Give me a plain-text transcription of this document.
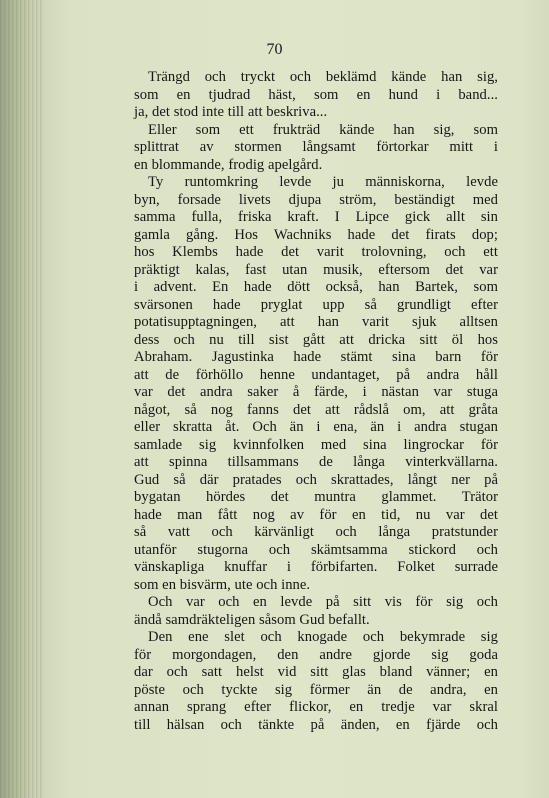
70
Trängd och tryckt och beklämd kände han sig,
som en tjudrad häst, som en hund i band...
ja, det stod inte till att beskriva...
Eller som ett frukträd kände han sig, som
splittrat av stormen långsamt förtorkar mitt i
en blommande, frodig apelgård.
Ty runtomkring levde ju människorna, levde
byn, forsade livets djupa ström, beständigt med
samma fulla, friska kraft. I Lipce gick allt sin
gamla gång. Hos Wachniks hade det firats dop;
hos Klembs hade det varit trolovning, och ett
präktigt kalas, fast utan musik, eftersom det var
i advent. En hade dött också, han Bartek, som
svärsonen hade pryglat upp så grundligt efter
potatisupptagningen, att han varit sjuk alltsen
dess och nu till sist gått att dricka sitt öl hos
Abraham. Jagustinka hade stämt sina barn för
att de förhöllo henne undantaget, på andra håll
var det andra saker å färde, i nästan var stuga
något, så nog fanns det att rådslå om, att gråta
eller skratta åt. Och än i ena, än i andra stugan
samlade sig kvinnfolken med sina lingrockar för
att spinna tillsammans de långa vinterkvällarna.
Gud så där pratades och skrattades, långt ner på
bygatan hördes det muntra glammet. Trätor
hade man fått nog av för en tid, nu var det
så vatt och kärvänligt och långa pratstunder
utanför stugorna och skämtsamma stickord och
vänskapliga knuffar i förbifarten. Folket surrade
som en bisvärm, ute och inne.
Och var och en levde på sitt vis för sig och
ändå samdräkteligen såsom Gud befallt.
Den ene slet och knogade och bekymrade sig
för morgondagen, den andre gjorde sig goda
dar och satt helst vid sitt glas bland vänner; en
pöste och tyckte sig förmer än de andra, en
annan sprang efter flickor, en tredje var skral
till hälsan och tänkte på änden, en fjärde och
